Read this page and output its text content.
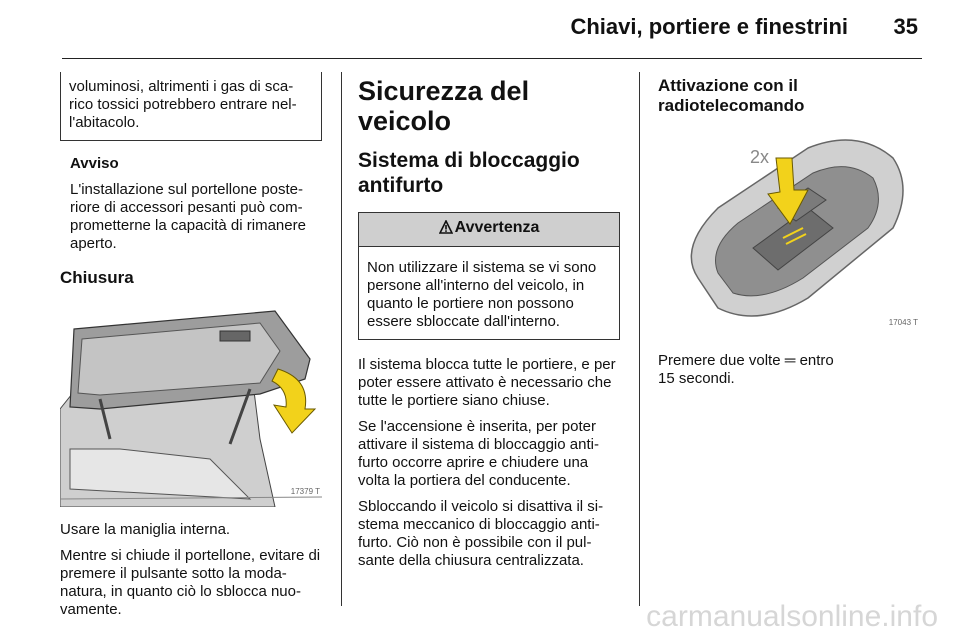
Chiavi, portiere e finestrini 35

voluminosi, altrimenti i gas di sca-rico tossici potrebbero entrare nel-l'abitacolo.

Avviso

L'installazione sul portellone poste-riore di accessori pesanti può com-prometterne la capacità di rimanere aperto.

Chiusura
17379 T

Usare la maniglia interna.

Mentre si chiude il portellone, evitare di premere il pulsante sotto la moda-natura, in quanto ciò lo sblocca nuo-vamente.

Sicurezza del veicolo
Sistema di bloccaggio antifurto
Avvertenza
Non utilizzare il sistema se vi sono persone all'interno del veicolo, in quanto le portiere non possono essere sbloccate dall'interno.

Il sistema blocca tutte le portiere, e per poter essere attivato è necessario che tutte le portiere siano chiuse.

Se l'accensione è inserita, per poter attivare il sistema di bloccaggio anti-furto occorre aprire e chiudere una volta la portiera del conducente.

Sbloccando il veicolo si disattiva il si-stema meccanico di bloccaggio anti-furto. Ciò non è possibile con il pul-sante della chiusura centralizzata.

Attivazione con il radiotelecomando
2x
17043 T

Premere due volte ═ entro
15 secondi.

carmanualsonline.info
